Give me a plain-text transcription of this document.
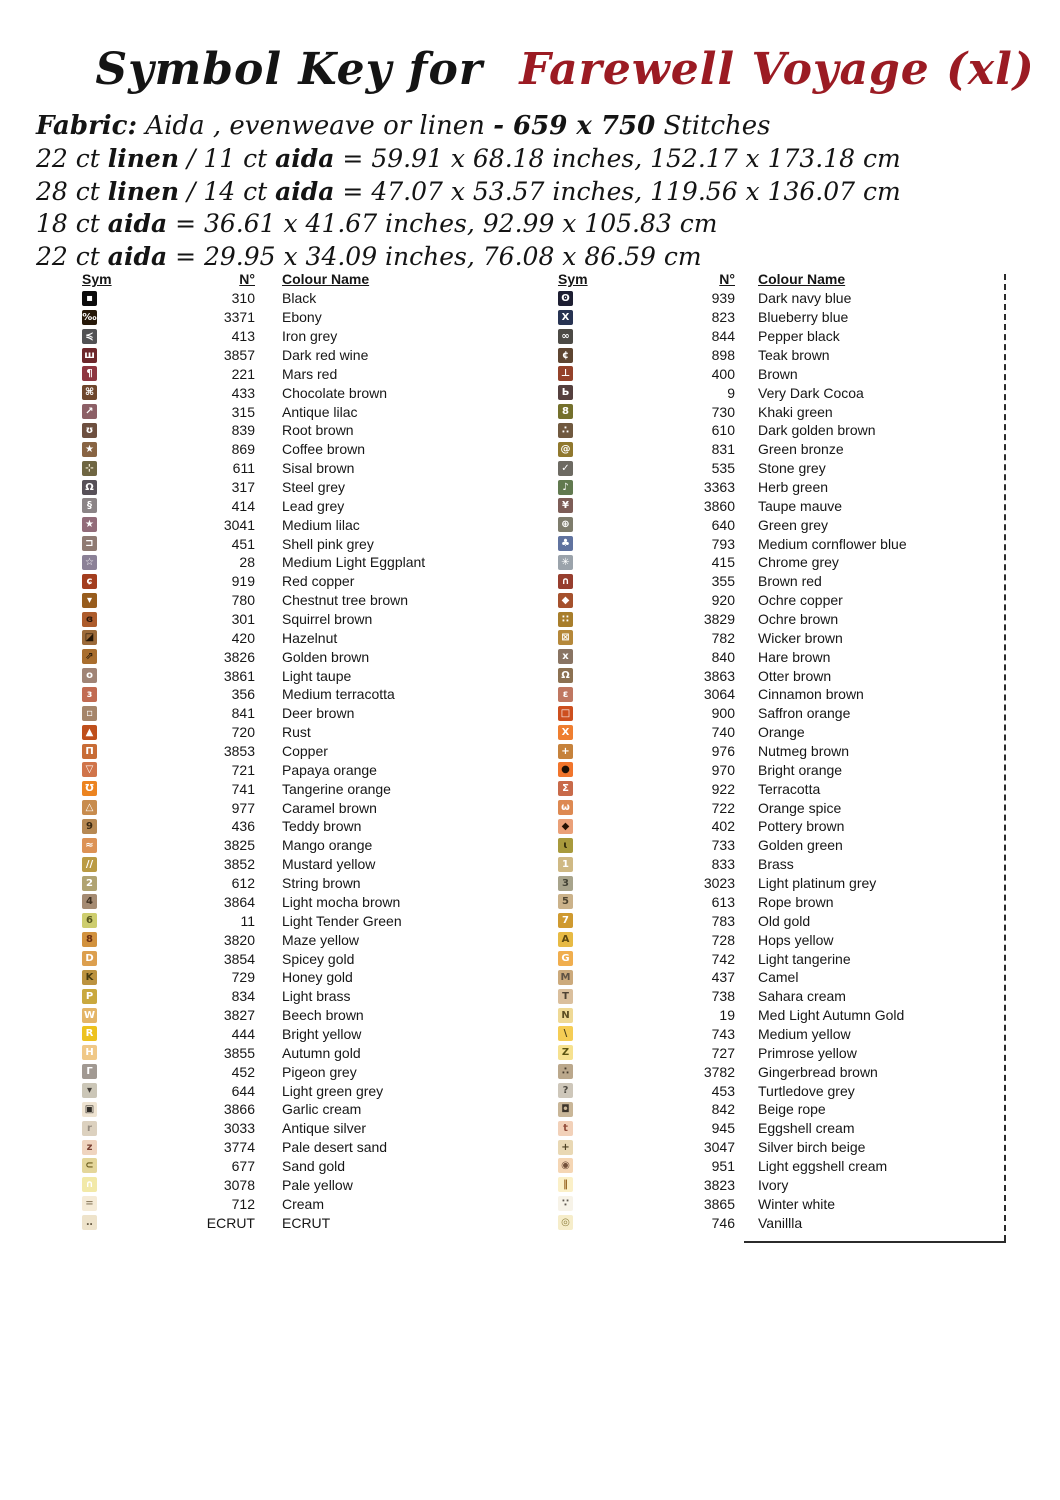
Symbol Key for Farewell Voyage (xl)
Fabric: Aida , evenweave or linen - 659 x 750 Stitches
22 ct linen / 11 ct aida = 59.91 x 68.18 inches, 152.17 x 173.18 cm
28 ct linen / 14 ct aida = 47.07 x 53.57 inches, 119.56 x 136.07 cm
18 ct aida = 36.61 x 41.67 inches, 92.99 x 105.83 cm
22 ct aida = 29.95 x 34.09 inches, 76.08 x 86.59 cm
Sym	N° Colour Name
▪	310 Black
‰	3371 Ebony
≼	413 Iron grey
ш	3857 Dark red wine
¶	221 Mars red
⌘	433 Chocolate brown
↗	315 Antique lilac
ʊ	839 Root brown
★	869 Coffee brown
⊹	611 Sisal brown
Ω	317 Steel grey
§	414 Lead grey
★	3041 Medium lilac
⊐	451 Shell pink grey
☆	28 Medium Light Eggplant
ɕ	919 Red copper
▾	780 Chestnut tree brown
ɞ	301 Squirrel brown
◪	420 Hazelnut
⇗	3826 Golden brown
o	3861 Light taupe
ɜ	356 Medium terracotta
▫	841 Deer brown
▲	720 Rust
Π	3853 Copper
▽	721 Papaya orange
Ʊ	741 Tangerine orange
△	977 Caramel brown
9	436 Teddy brown
≈	3825 Mango orange
//	3852 Mustard yellow
2	612 String brown
4	3864 Light mocha brown
6	11 Light Tender Green
8	3820 Maze yellow
D	3854 Spicey gold
K	729 Honey gold
P	834 Light brass
W	3827 Beech brown
R	444 Bright yellow
H	3855 Autumn gold
Γ	452 Pigeon grey
▾	644 Light green grey
▣	3866 Garlic cream
r	3033 Antique silver
z	3774 Pale desert sand
⊂	677 Sand gold
∩	3078 Pale yellow
=	712 Cream
‥	ECRUT ECRUT
Sym	N° Colour Name
ʘ	939 Dark navy blue
X	823 Blueberry blue
∞	844 Pepper black
¢	898 Teak brown
⊥	400 Brown
Ь	9 Very Dark Cocoa
8	730 Khaki green
∴	610 Dark golden brown
@	831 Green bronze
✓	535 Stone grey
♪	3363 Herb green
¥	3860 Taupe mauve
⊕	640 Green grey
♣	793 Medium cornflower blue
✳	415 Chrome grey
∩	355 Brown red
◆	920 Ochre copper
∷	3829 Ochre brown
⊠	782 Wicker brown
x	840 Hare brown
Ω	3863 Otter brown
ε	3064 Cinnamon brown
□	900 Saffron orange
X	740 Orange
+	976 Nutmeg brown
●	970 Bright orange
Σ	922 Terracotta
ω	722 Orange spice
◆	402 Pottery brown
ɩ	733 Golden green
1	833 Brass
3	3023 Light platinum grey
5	613 Rope brown
7	783 Old gold
A	728 Hops yellow
G	742 Light tangerine
M	437 Camel
T	738 Sahara cream
N	19 Med Light Autumn Gold
\	743 Medium yellow
Z	727 Primrose yellow
∴	3782 Gingerbread brown
?	453 Turtledove grey
◘	842 Beige rope
t	945 Eggshell cream
+	3047 Silver birch beige
◉	951 Light eggshell cream
‖	3823 Ivory
∵	3865 Winter white
◎	746 Vanillla
